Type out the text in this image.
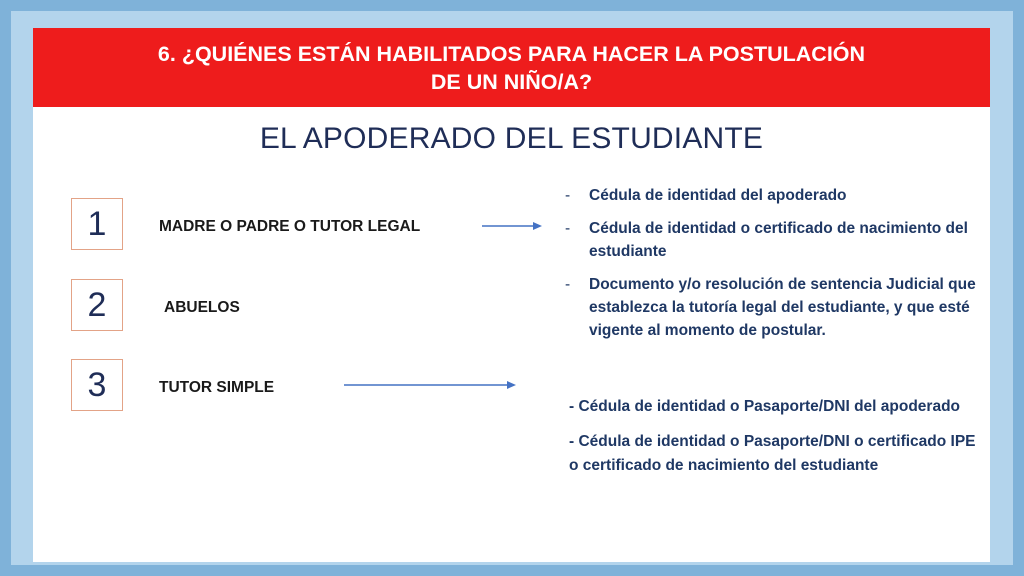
6. ¿QUIÉNES ESTÁN HABILITADOS PARA HACER LA POSTULACIÓN
DE UN NIÑO/A?
EL APODERADO DEL ESTUDIANTE
1	MADRE O PADRE O TUTOR LEGAL
2	ABUELOS
3	TUTOR SIMPLE
- Cédula de identidad del apoderado
- Cédula de identidad o certificado de nacimiento del estudiante
- Documento y/o resolución de sentencia Judicial que establezca la tutoría legal del estudiante, y que esté vigente al momento de postular.

- Cédula de identidad o Pasaporte/DNI del apoderado

- Cédula de identidad o Pasaporte/DNI o certificado IPE o certificado de nacimiento del estudiante
